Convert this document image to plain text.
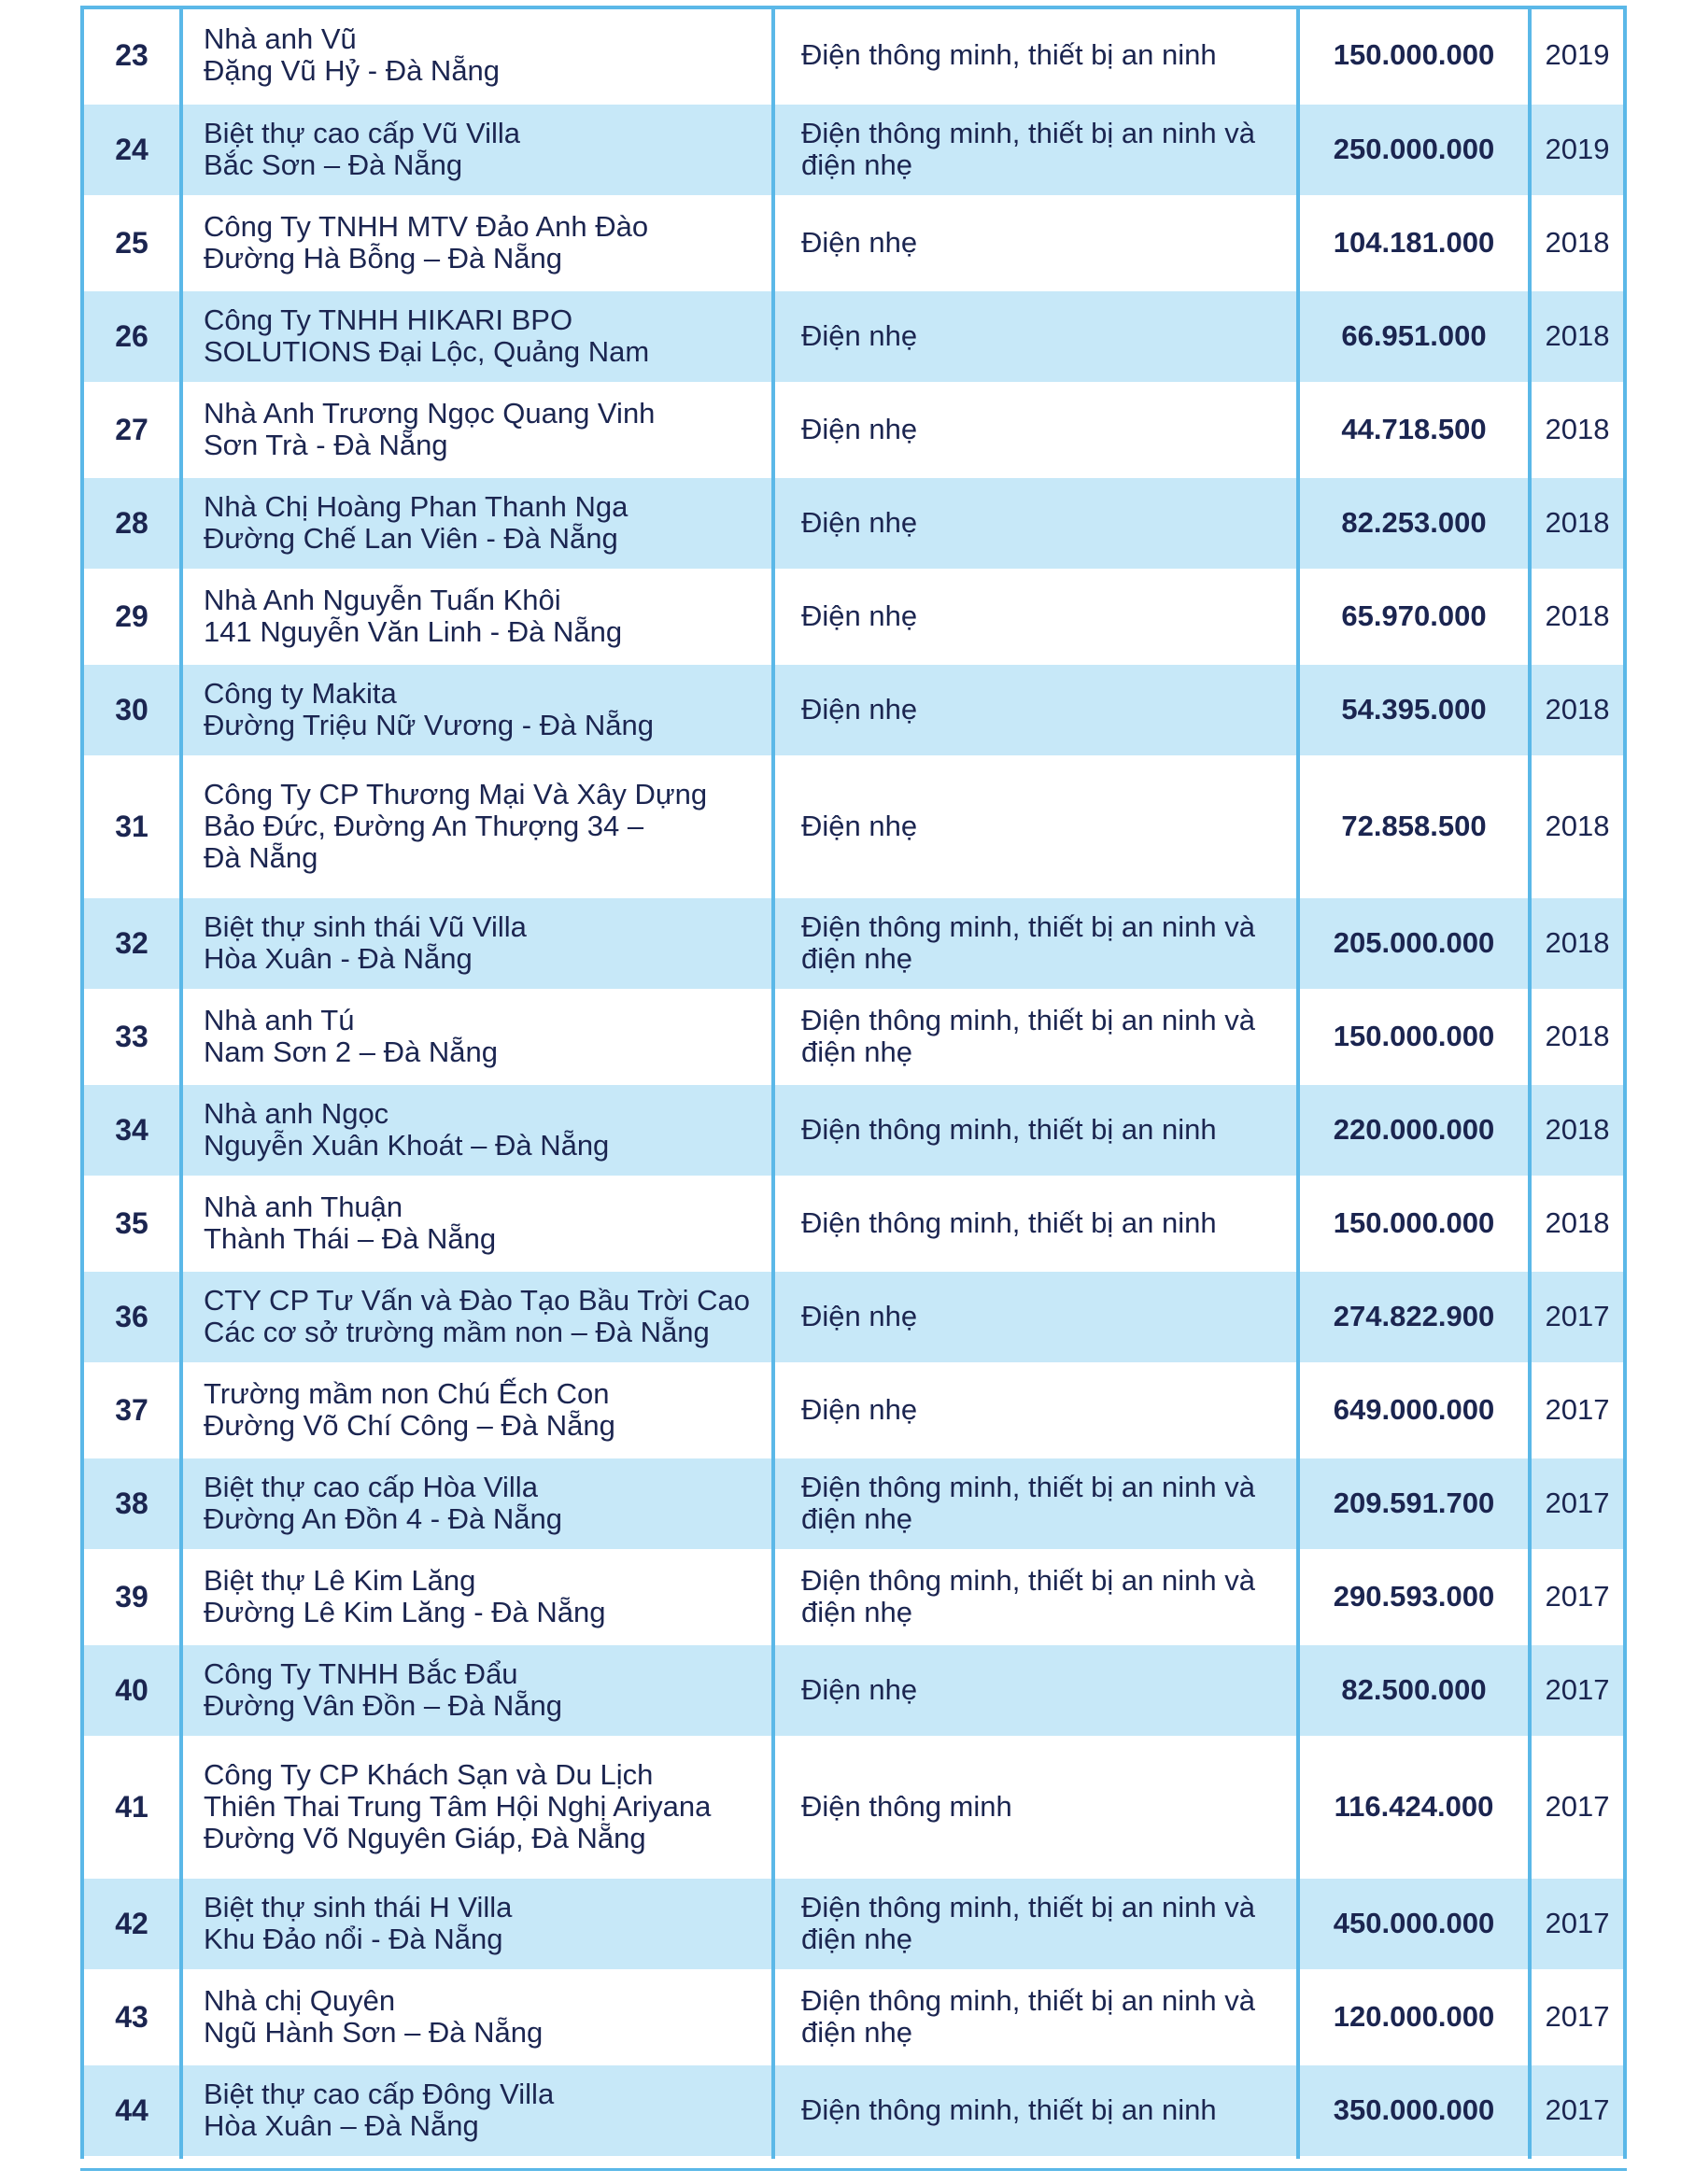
23	Nhà anh Vũ
Đặng Vũ Hỷ - Đà Nẵng	Điện thông minh, thiết bị an ninh	150.000.000	2019
24	Biệt thự cao cấp Vũ Villa
Bắc Sơn – Đà Nẵng	Điện thông minh, thiết bị an ninh và
điện nhẹ	250.000.000	2019
25	Công Ty TNHH MTV Đảo Anh Đào
Đường Hà Bỗng – Đà Nẵng	Điện nhẹ	104.181.000	2018
26	Công Ty TNHH HIKARI BPO
SOLUTIONS Đại Lộc, Quảng Nam	Điện nhẹ	66.951.000	2018
27	Nhà Anh Trương Ngọc Quang Vinh
Sơn Trà - Đà Nẵng	Điện nhẹ	44.718.500	2018
28	Nhà Chị Hoàng Phan Thanh Nga
Đường Chế Lan Viên - Đà Nẵng	Điện nhẹ	82.253.000	2018
29	Nhà Anh Nguyễn Tuấn Khôi
141 Nguyễn Văn Linh - Đà Nẵng	Điện nhẹ	65.970.000	2018
30	Công ty Makita
Đường Triệu Nữ Vương - Đà Nẵng	Điện nhẹ	54.395.000	2018
31	Công Ty CP Thương Mại Và Xây Dựng
Bảo Đức, Đường An Thượng 34 –
Đà Nẵng	Điện nhẹ	72.858.500	2018
32	Biệt thự sinh thái Vũ Villa
Hòa Xuân - Đà Nẵng	Điện thông minh, thiết bị an ninh và
điện nhẹ	205.000.000	2018
33	Nhà anh Tú
Nam Sơn 2 – Đà Nẵng	Điện thông minh, thiết bị an ninh và
điện nhẹ	150.000.000	2018
34	Nhà anh Ngọc
Nguyễn Xuân Khoát – Đà Nẵng	Điện thông minh, thiết bị an ninh	220.000.000	2018
35	Nhà anh Thuận
Thành Thái – Đà Nẵng	Điện thông minh, thiết bị an ninh	150.000.000	2018
36	CTY CP Tư Vấn và Đào Tạo Bầu Trời Cao
Các cơ sở trường mầm non – Đà Nẵng	Điện nhẹ	274.822.900	2017
37	Trường mầm non Chú Ếch Con
Đường Võ Chí Công – Đà Nẵng	Điện nhẹ	649.000.000	2017
38	Biệt thự cao cấp Hòa Villa
Đường An Đồn 4 - Đà Nẵng	Điện thông minh, thiết bị an ninh và
điện nhẹ	209.591.700	2017
39	Biệt thự Lê Kim Lăng
Đường Lê Kim Lăng - Đà Nẵng	Điện thông minh, thiết bị an ninh và
điện nhẹ	290.593.000	2017
40	Công Ty TNHH Bắc Đẩu
Đường Vân Đồn – Đà Nẵng	Điện nhẹ	82.500.000	2017
41	Công Ty CP Khách Sạn và Du Lịch
Thiên Thai Trung Tâm Hội Nghị Ariyana
Đường Võ Nguyên Giáp, Đà Nẵng	Điện thông minh	116.424.000	2017
42	Biệt thự sinh thái H Villa
Khu Đảo nổi - Đà Nẵng	Điện thông minh, thiết bị an ninh và
điện nhẹ	450.000.000	2017
43	Nhà chị Quyên
Ngũ Hành Sơn – Đà Nẵng	Điện thông minh, thiết bị an ninh và
điện nhẹ	120.000.000	2017
44	Biệt thự cao cấp Đông Villa
Hòa Xuân – Đà Nẵng	Điện thông minh, thiết bị an ninh	350.000.000	2017
